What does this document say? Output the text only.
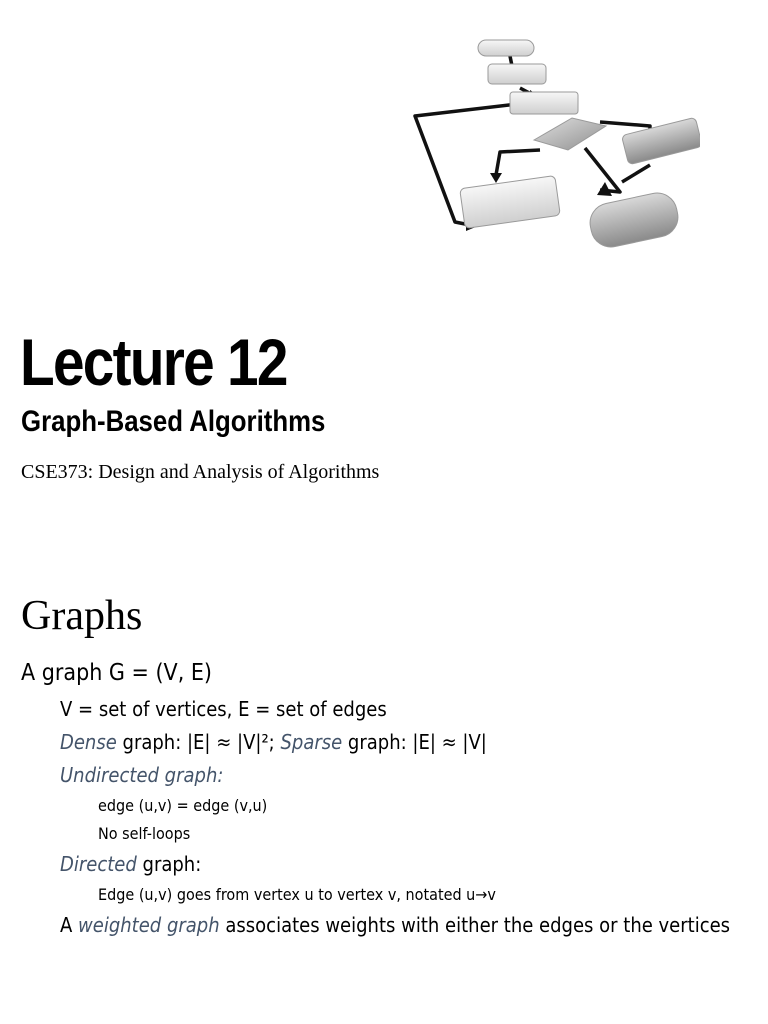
Lecture 12
Graph-Based Algorithms

CSE373: Design and Analysis of Algorithms

Graphs

A graph G = (V, E)

V = set of vertices, E = set of edges

Dense graph: |E| ≈ |V|²; Sparse graph: |E| ≈ |V|

Undirected graph:

edge (u,v) = edge (v,u)

No self-loops

Directed graph:

Edge (u,v) goes from vertex u to vertex v, notated u→v

A weighted graph associates weights with either the edges or the vertices
